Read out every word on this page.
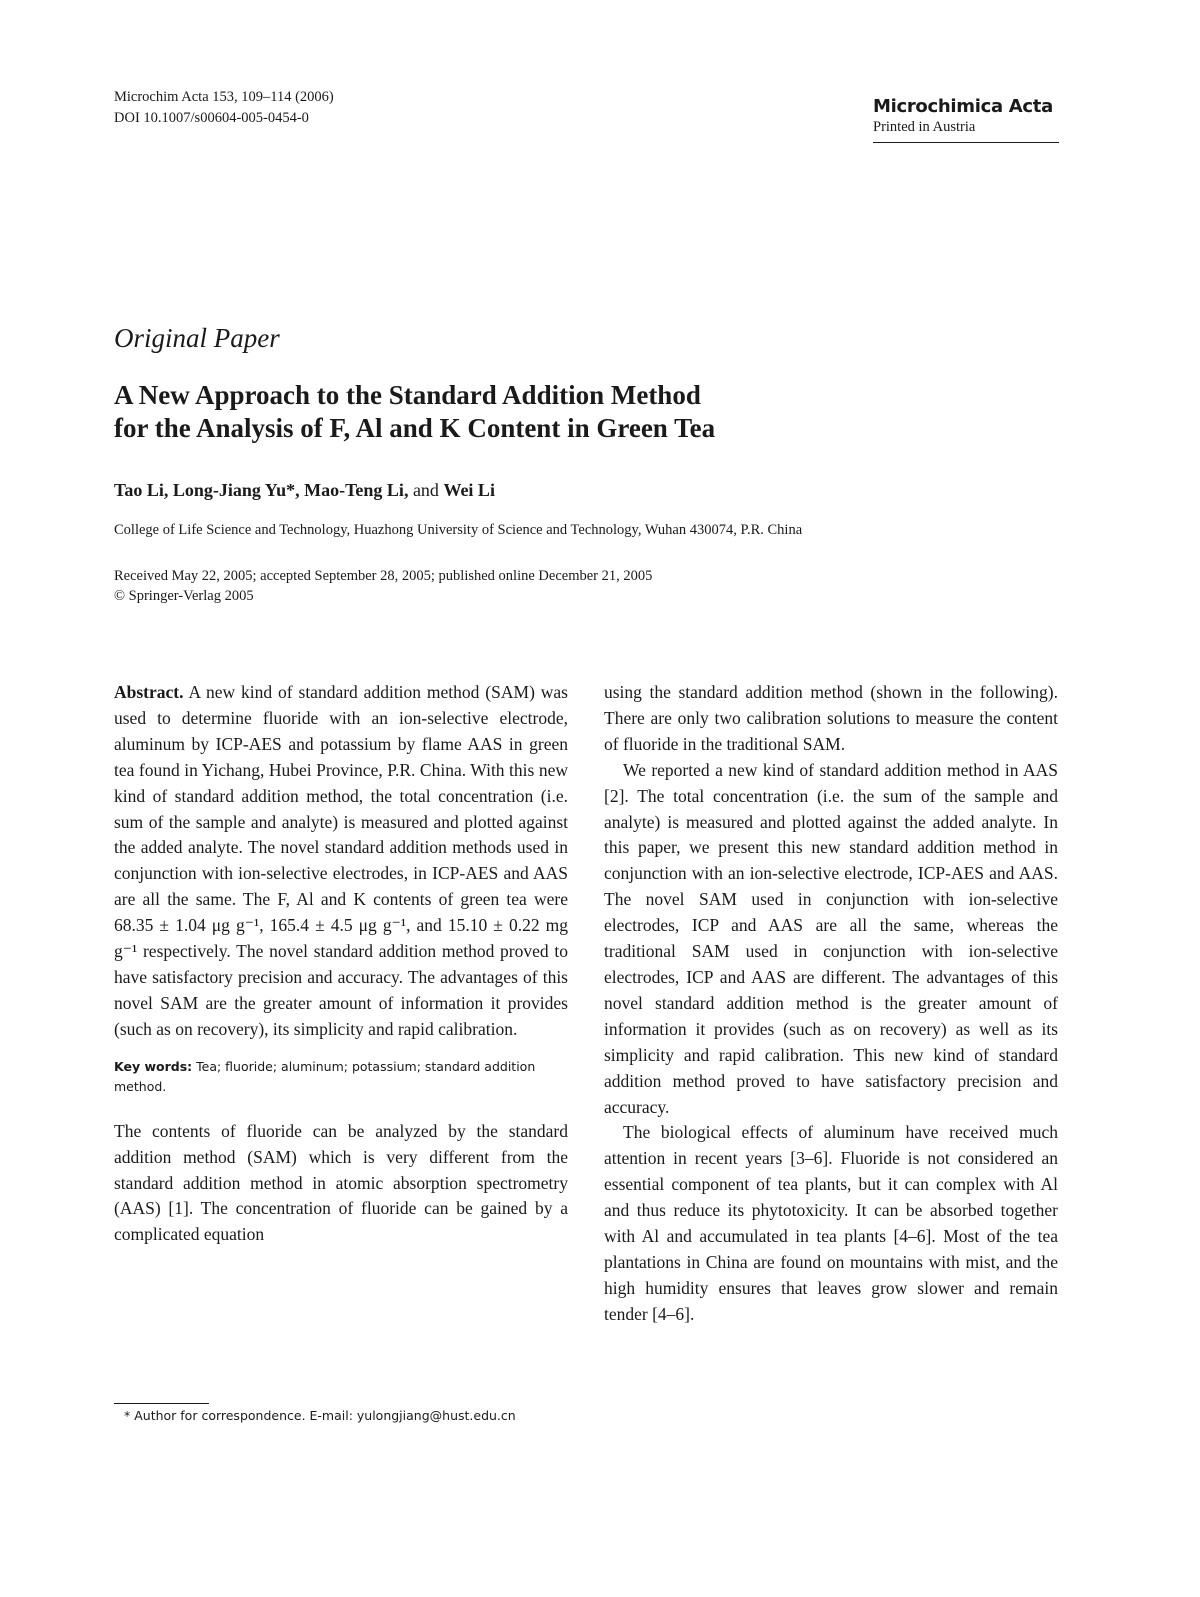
Microchim Acta 153, 109–114 (2006)
DOI 10.1007/s00604-005-0454-0
Microchimica Acta
Printed in Austria
Original Paper
A New Approach to the Standard Addition Method
for the Analysis of F, Al and K Content in Green Tea
Tao Li, Long-Jiang Yu*, Mao-Teng Li, and Wei Li
College of Life Science and Technology, Huazhong University of Science and Technology, Wuhan 430074, P.R. China
Received May 22, 2005; accepted September 28, 2005; published online December 21, 2005
© Springer-Verlag 2005

Abstract. A new kind of standard addition method (SAM) was used to determine fluoride with an ion-selective electrode, aluminum by ICP-AES and potassium by flame AAS in green tea found in Yichang, Hubei Province, P.R. China. With this new kind of standard addition method, the total concentration (i.e. sum of the sample and analyte) is measured and plotted against the added analyte. The novel standard addition methods used in conjunction with ion-selective electrodes, in ICP-AES and AAS are all the same. The F, Al and K contents of green tea were 68.35 ± 1.04 μg g⁻¹, 165.4 ± 4.5 μg g⁻¹, and 15.10 ± 0.22 mg g⁻¹ respectively. The novel standard addition method proved to have satisfactory precision and accuracy. The advantages of this novel SAM are the greater amount of information it provides (such as on recovery), its simplicity and rapid calibration.

Key words: Tea; fluoride; aluminum; potassium; standard addition method.

The contents of fluoride can be analyzed by the standard addition method (SAM) which is very different from the standard addition method in atomic absorption spectrometry (AAS) [1]. The concentration of fluoride can be gained by a complicated equation

using the standard addition method (shown in the following). There are only two calibration solutions to measure the content of fluoride in the traditional SAM.

We reported a new kind of standard addition method in AAS [2]. The total concentration (i.e. the sum of the sample and analyte) is measured and plotted against the added analyte. In this paper, we present this new standard addition method in conjunction with an ion-selective electrode, ICP-AES and AAS. The novel SAM used in conjunction with ion-selective electrodes, ICP and AAS are all the same, whereas the traditional SAM used in conjunction with ion-selective electrodes, ICP and AAS are different. The advantages of this novel standard addition method is the greater amount of information it provides (such as on recovery) as well as its simplicity and rapid calibration. This new kind of standard addition method proved to have satisfactory precision and accuracy.

The biological effects of aluminum have received much attention in recent years [3–6]. Fluoride is not considered an essential component of tea plants, but it can complex with Al and thus reduce its phytotoxicity. It can be absorbed together with Al and accumulated in tea plants [4–6]. Most of the tea plantations in China are found on mountains with mist, and the high humidity ensures that leaves grow slower and remain tender [4–6].

* Author for correspondence. E-mail: yulongjiang@hust.edu.cn
